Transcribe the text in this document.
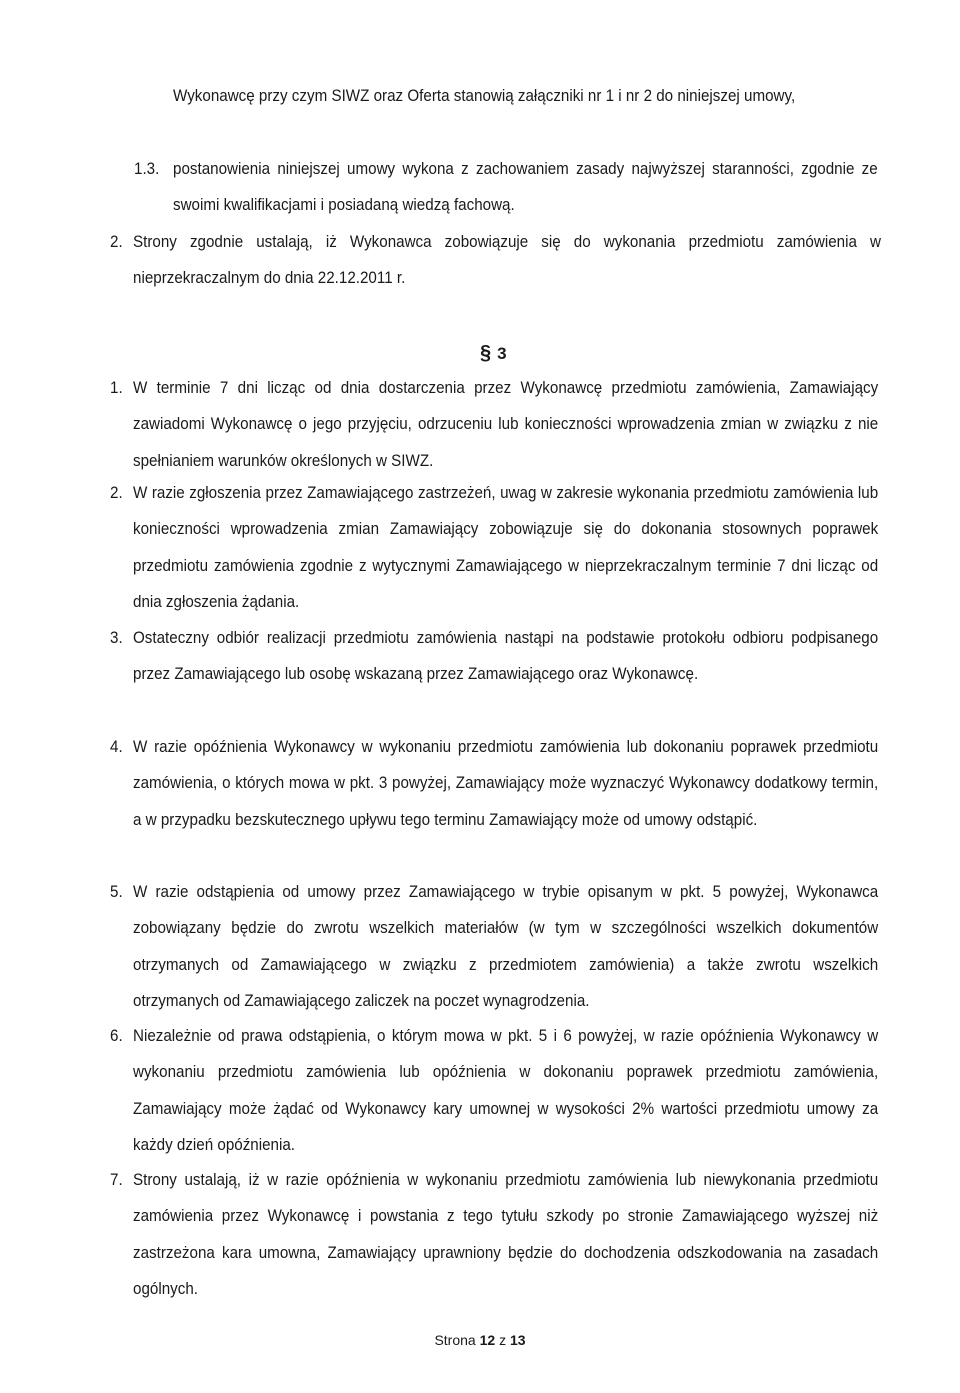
Wykonawcę przy czym SIWZ oraz Oferta stanowią załączniki nr 1 i nr 2 do niniejszej umowy,
1.3. postanowienia niniejszej umowy wykona z zachowaniem zasady najwyższej staranności, zgodnie ze swoimi kwalifikacjami i posiadaną wiedzą fachową.
2. Strony zgodnie ustalają, iż Wykonawca zobowiązuje się do wykonania przedmiotu zamówienia w nieprzekraczalnym do dnia 22.12.2011 r.
§ 3
1. W terminie 7 dni licząc od dnia dostarczenia przez Wykonawcę przedmiotu zamówienia, Zamawiający zawiadomi Wykonawcę o jego przyjęciu, odrzuceniu lub konieczności wprowadzenia zmian w związku z nie spełnianiem warunków określonych w SIWZ.
2. W razie zgłoszenia przez Zamawiającego zastrzeżeń, uwag w zakresie wykonania przedmiotu zamówienia lub konieczności wprowadzenia zmian Zamawiający zobowiązuje się do dokonania stosownych poprawek przedmiotu zamówienia zgodnie z wytycznymi Zamawiającego w nieprzekraczalnym terminie 7 dni licząc od dnia zgłoszenia żądania.
3. Ostateczny odbiór realizacji przedmiotu zamówienia nastąpi na podstawie protokołu odbioru podpisanego przez Zamawiającego lub osobę wskazaną przez Zamawiającego oraz Wykonawcę.
4. W razie opóźnienia Wykonawcy w wykonaniu przedmiotu zamówienia lub dokonaniu poprawek przedmiotu zamówienia, o których mowa w pkt. 3 powyżej, Zamawiający może wyznaczyć Wykonawcy dodatkowy termin, a w przypadku bezskutecznego upływu tego terminu Zamawiający może od umowy odstąpić.
5. W razie odstąpienia od umowy przez Zamawiającego w trybie opisanym w pkt. 5 powyżej, Wykonawca zobowiązany będzie do zwrotu wszelkich materiałów (w tym w szczególności wszelkich dokumentów otrzymanych od Zamawiającego w związku z przedmiotem zamówienia) a także zwrotu wszelkich otrzymanych od Zamawiającego zaliczek na poczet wynagrodzenia.
6. Niezależnie od prawa odstąpienia, o którym mowa w pkt. 5 i 6 powyżej, w razie opóźnienia Wykonawcy w wykonaniu przedmiotu zamówienia lub opóźnienia w dokonaniu poprawek przedmiotu zamówienia, Zamawiający może żądać od Wykonawcy kary umownej w wysokości 2% wartości przedmiotu umowy za każdy dzień opóźnienia.
7. Strony ustalają, iż w razie opóźnienia w wykonaniu przedmiotu zamówienia lub niewykonania przedmiotu zamówienia przez Wykonawcę i powstania z tego tytułu szkody po stronie Zamawiającego wyższej niż zastrzeżona kara umowna, Zamawiający uprawniony będzie do dochodzenia odszkodowania na zasadach ogólnych.
Strona 12 z 13
